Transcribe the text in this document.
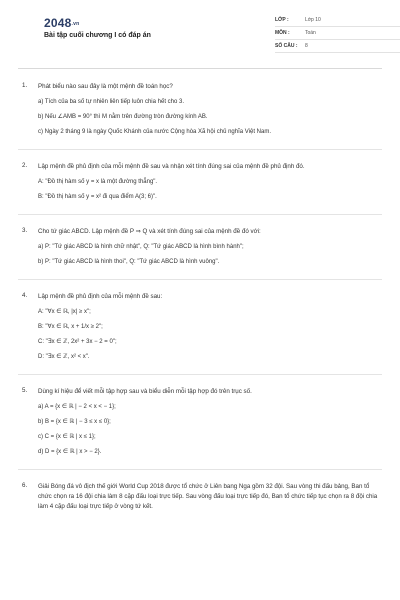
2048.vn
Bài tập cuối chương I có đáp án
LỚP :	Lớp 10
MÔN :	Toán
SỐ CÂU :	8
1. Phát biểu nào sau đây là một mệnh đề toán học?
a) Tích của ba số tự nhiên liên tiếp luôn chia hết cho 3.
b) Nếu ∠AMB = 90° thì M nằm trên đường tròn đường kính AB.
c) Ngày 2 tháng 9 là ngày Quốc Khánh của nước Cộng hòa Xã hội chủ nghĩa Việt Nam.
2. Lập mệnh đề phủ định của mỗi mệnh đề sau và nhận xét tính đúng sai của mệnh đề phủ định đó.
A: "Đồ thị hàm số y = x là một đường thẳng".
B: "Đồ thị hàm số y = x² đi qua điểm A(3; 6)".
3. Cho tứ giác ABCD. Lập mệnh đề P ⇒ Q và xét tính đúng sai của mệnh đề đó với:
a) P: "Tứ giác ABCD là hình chữ nhật", Q: "Tứ giác ABCD là hình bình hành";
b) P: "Tứ giác ABCD là hình thoi", Q: "Tứ giác ABCD là hình vuông".
4. Lập mệnh đề phủ định của mỗi mệnh đề sau:
A: "∀x ∈ ℝ, |x| ≥ x";
B: "∀x ∈ ℝ, x + 1/x ≥ 2";
C: "∃x ∈ ℤ, 2x² + 3x − 2 = 0";
D: "∃x ∈ ℤ, x² < x".
5. Dùng kí hiệu để viết mỗi tập hợp sau và biểu diễn mỗi tập hợp đó trên trục số.
a) A = {x ∈ ℝ | − 2 < x < − 1};
b) B = {x ∈ ℝ | − 3 ≤ x ≤ 0};
c) C = {x ∈ ℝ | x ≤ 1};
d) D = {x ∈ ℝ | x > − 2}.
6. Giải Bóng đá vô địch thế giới World Cup 2018 được tổ chức ở Liên bang Nga gồm 32 đội. Sau vòng thi đấu bảng, Ban tổ chức chọn ra 16 đội chia làm 8 cặp đấu loại trực tiếp. Sau vòng đấu loại trực tiếp đó, Ban tổ chức tiếp tục chọn ra 8 đội chia làm 4 cặp đấu loại trực tiếp ở vòng tứ kết.
